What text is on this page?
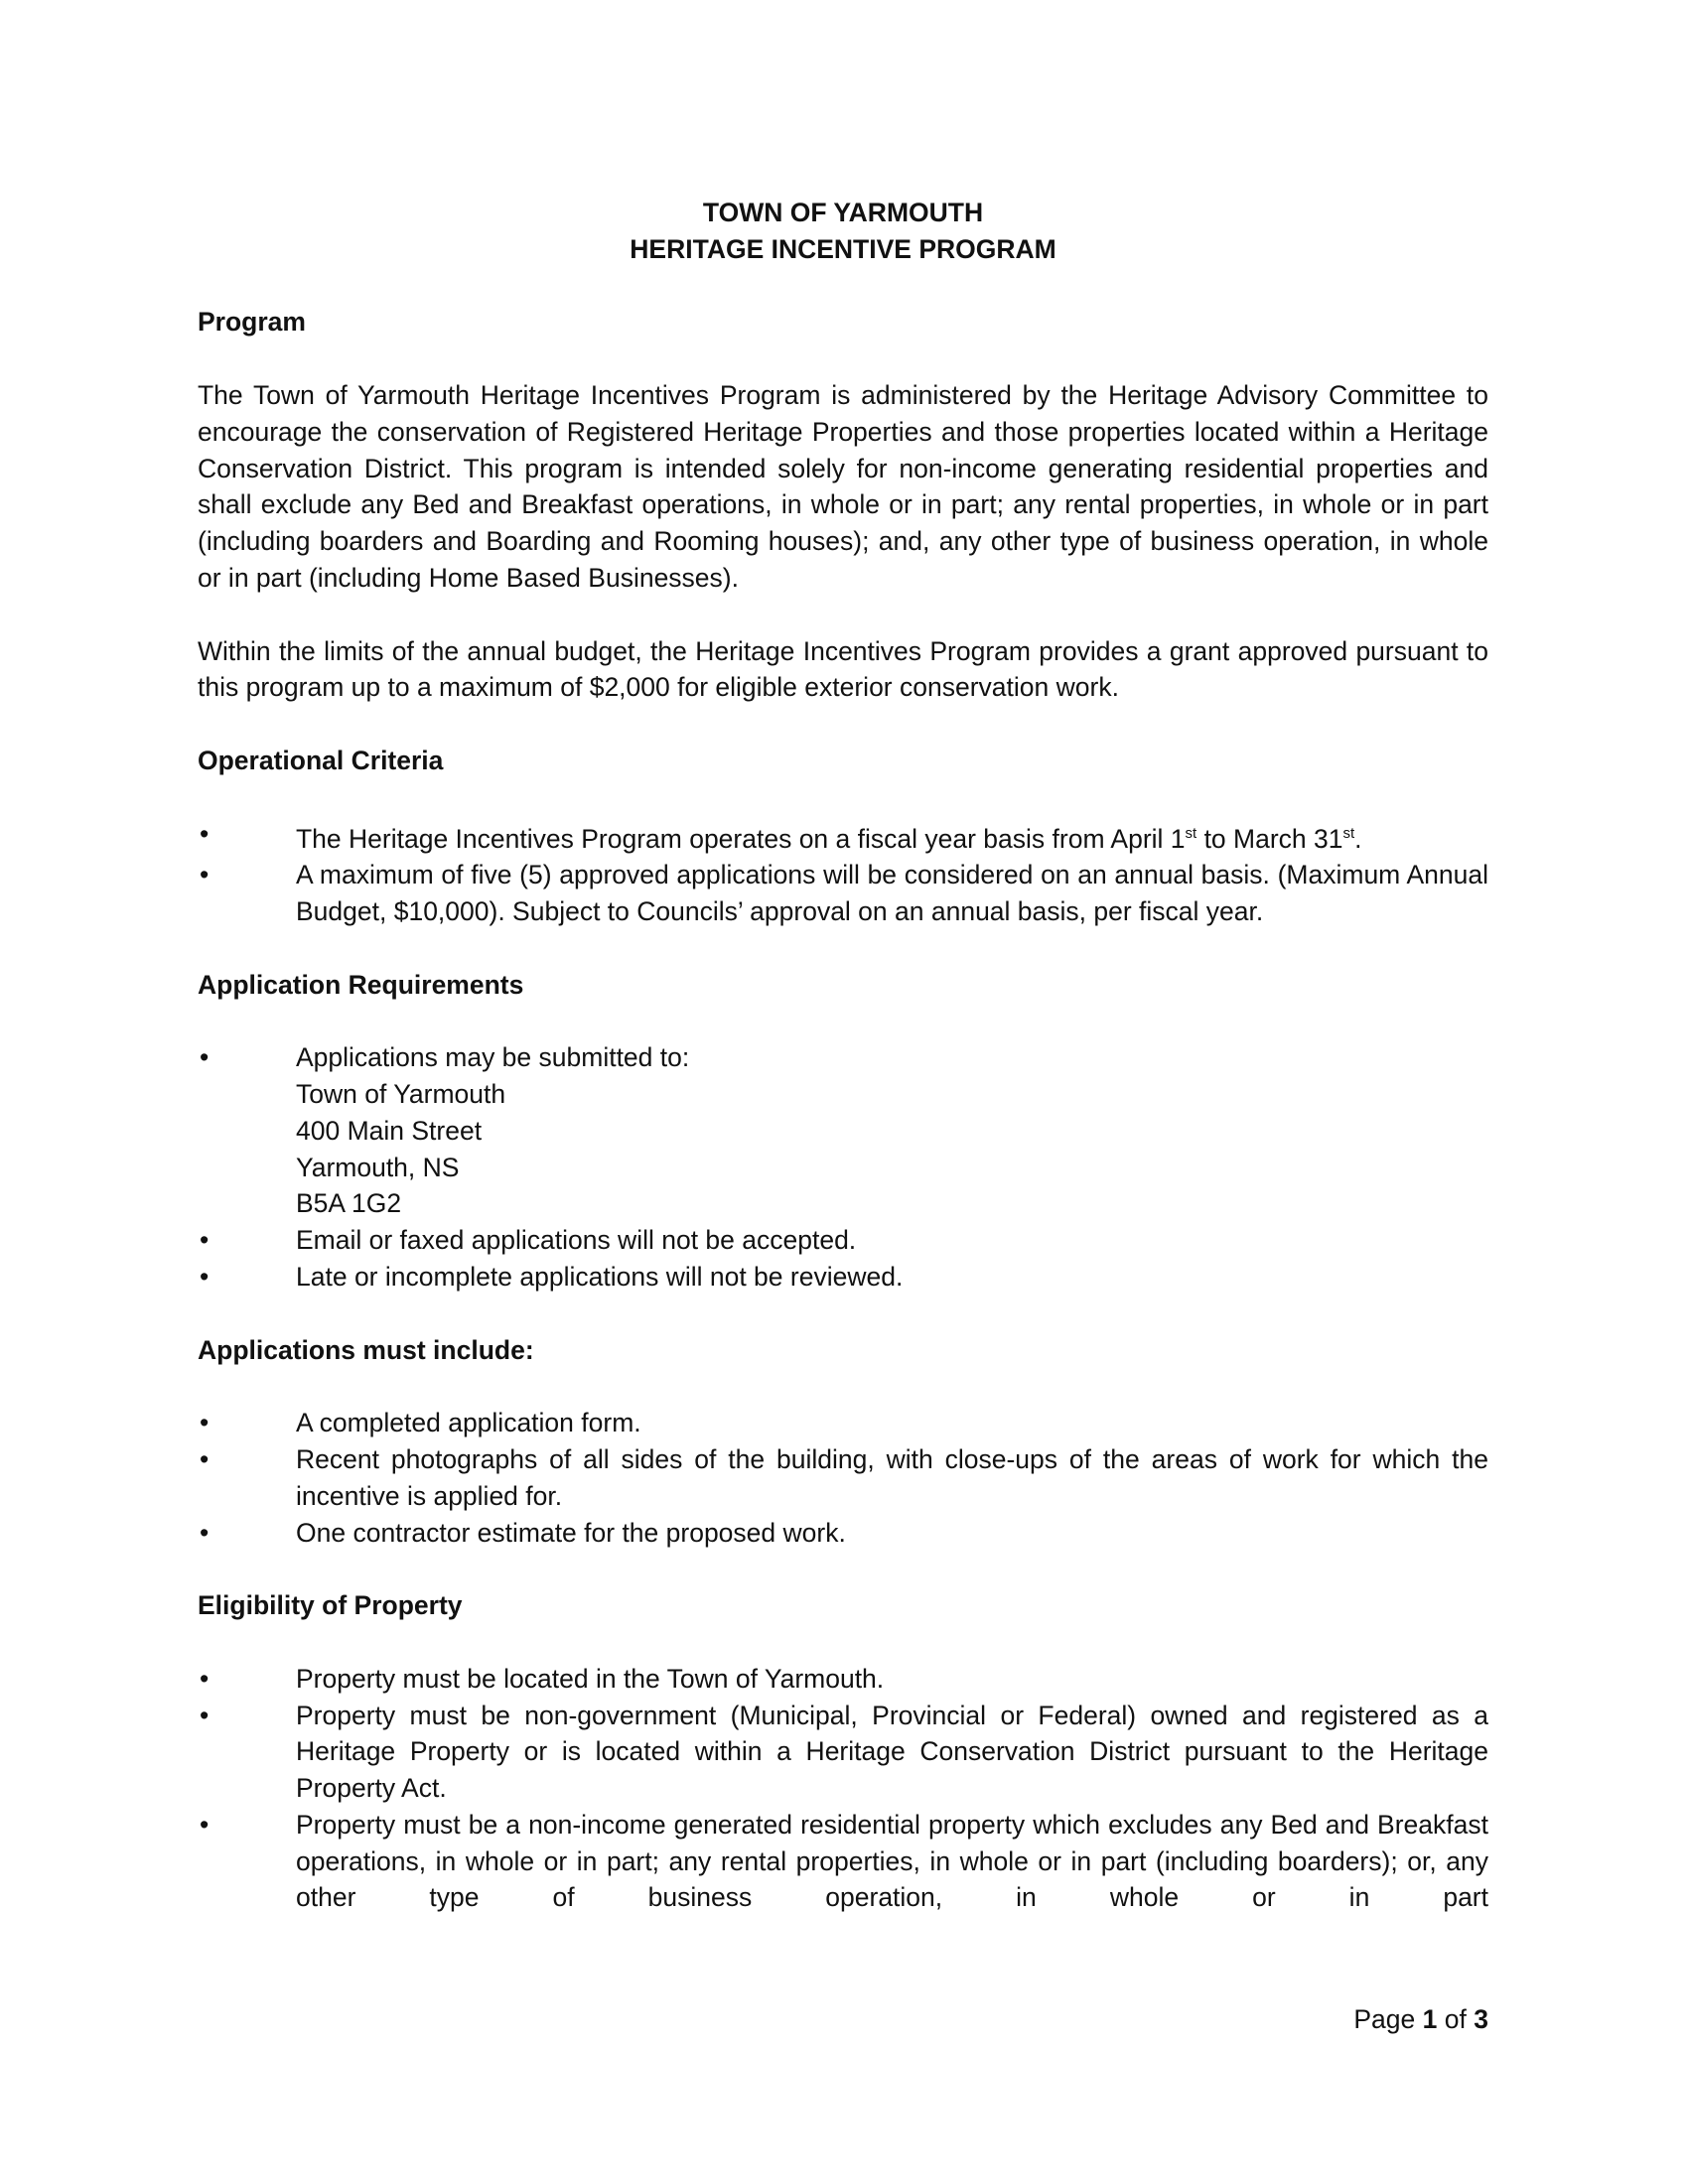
TOWN OF YARMOUTH
HERITAGE INCENTIVE PROGRAM

Program

The Town of Yarmouth Heritage Incentives Program is administered by the Heritage Advisory Committee to encourage the conservation of Registered Heritage Properties and those properties located within a Heritage Conservation District. This program is intended solely for non-income generating residential properties and shall exclude any Bed and Breakfast operations, in whole or in part; any rental properties, in whole or in part (including boarders and Boarding and Rooming houses); and, any other type of business operation, in whole or in part (including Home Based Businesses).

Within the limits of the annual budget, the Heritage Incentives Program provides a grant approved pursuant to this program up to a maximum of $2,000 for eligible exterior conservation work.

Operational Criteria

•	The Heritage Incentives Program operates on a fiscal year basis from April 1st to March 31st.
•	A maximum of five (5) approved applications will be considered on an annual basis. (Maximum Annual Budget, $10,000). Subject to Councils’ approval on an annual basis, per fiscal year.

Application Requirements

•	Applications may be submitted to:
Town of Yarmouth
400 Main Street
Yarmouth, NS
B5A 1G2
•	Email or faxed applications will not be accepted.
•	Late or incomplete applications will not be reviewed.

Applications must include:

•	A completed application form.
•	Recent photographs of all sides of the building, with close-ups of the areas of work for which the incentive is applied for.
•	One contractor estimate for the proposed work.

Eligibility of Property

•	Property must be located in the Town of Yarmouth.
•	Property must be non-government (Municipal, Provincial or Federal) owned and registered as a Heritage Property or is located within a Heritage Conservation District pursuant to the Heritage Property Act.
•	Property must be a non-income generated residential property which excludes any Bed and Breakfast operations, in whole or in part; any rental properties, in whole or in part (including boarders); or, any other type of business operation, in whole or in part
Page 1 of 3
